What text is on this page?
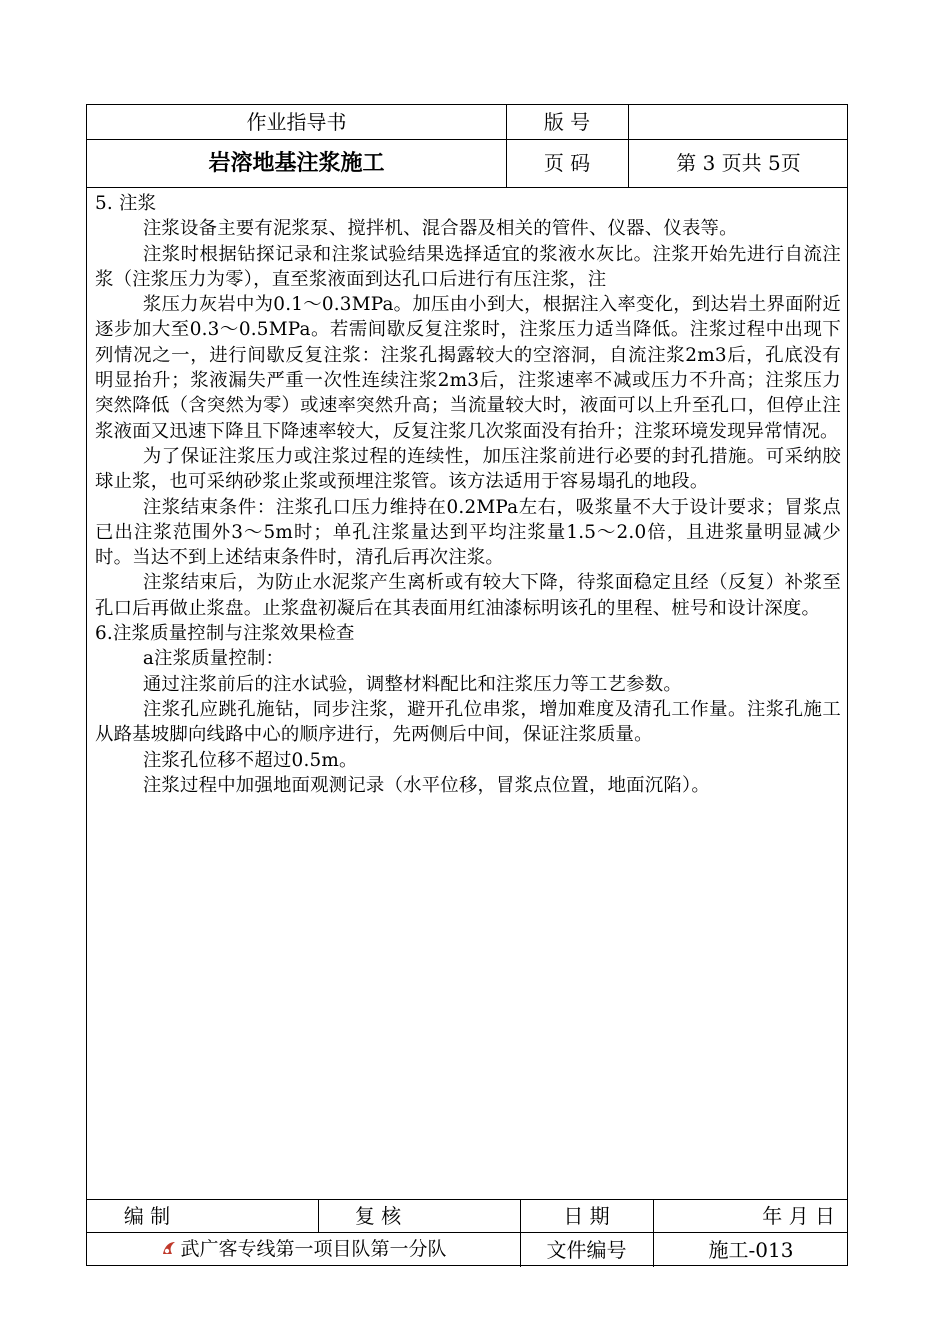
作业指导书	版 号
岩溶地基注浆施工	页 码	第 3 页共 5页

5. 注浆

注浆设备主要有泥浆泵、搅拌机、混合器及相关的管件、仪器、仪表等。

注浆时根据钻探记录和注浆试验结果选择适宜的浆液水灰比。注浆开始先进行自流注浆（注浆压力为零），直至浆液面到达孔口后进行有压注浆，注

浆压力灰岩中为0.1～0.3MPa。加压由小到大，根据注入率变化，到达岩土界面附近逐步加大至0.3～0.5MPa。若需间歇反复注浆时，注浆压力适当降低。注浆过程中出现下列情况之一，进行间歇反复注浆：注浆孔揭露较大的空溶洞，自流注浆2m3后，孔底没有明显抬升；浆液漏失严重一次性连续注浆2m3后，注浆速率不减或压力不升高；注浆压力突然降低（含突然为零）或速率突然升高；当流量较大时，液面可以上升至孔口，但停止注浆液面又迅速下降且下降速率较大，反复注浆几次浆面没有抬升；注浆环境发现异常情况。

为了保证注浆压力或注浆过程的连续性，加压注浆前进行必要的封孔措施。可采纳胶球止浆，也可采纳砂浆止浆或预埋注浆管。该方法适用于容易塌孔的地段。

注浆结束条件：注浆孔口压力维持在0.2MPa左右，吸浆量不大于设计要求；冒浆点已出注浆范围外3～5m时；单孔注浆量达到平均注浆量1.5～2.0倍，且进浆量明显减少时。当达不到上述结束条件时，清孔后再次注浆。

注浆结束后，为防止水泥浆产生离析或有较大下降，待浆面稳定且经（反复）补浆至孔口后再做止浆盘。止浆盘初凝后在其表面用红油漆标明该孔的里程、桩号和设计深度。

6.注浆质量控制与注浆效果检查

a注浆质量控制：

通过注浆前后的注水试验，调整材料配比和注浆压力等工艺参数。

注浆孔应跳孔施钻，同步注浆，避开孔位串浆，增加难度及清孔工作量。注浆孔施工从路基坡脚向线路中心的顺序进行，先两侧后中间，保证注浆质量。

注浆孔位移不超过0.5m。

注浆过程中加强地面观测记录（水平位移，冒浆点位置，地面沉陷）。

编 制	复 核	日 期	年 月 日
武广客专线第一项目队第一分队	文件编号	施工-013
